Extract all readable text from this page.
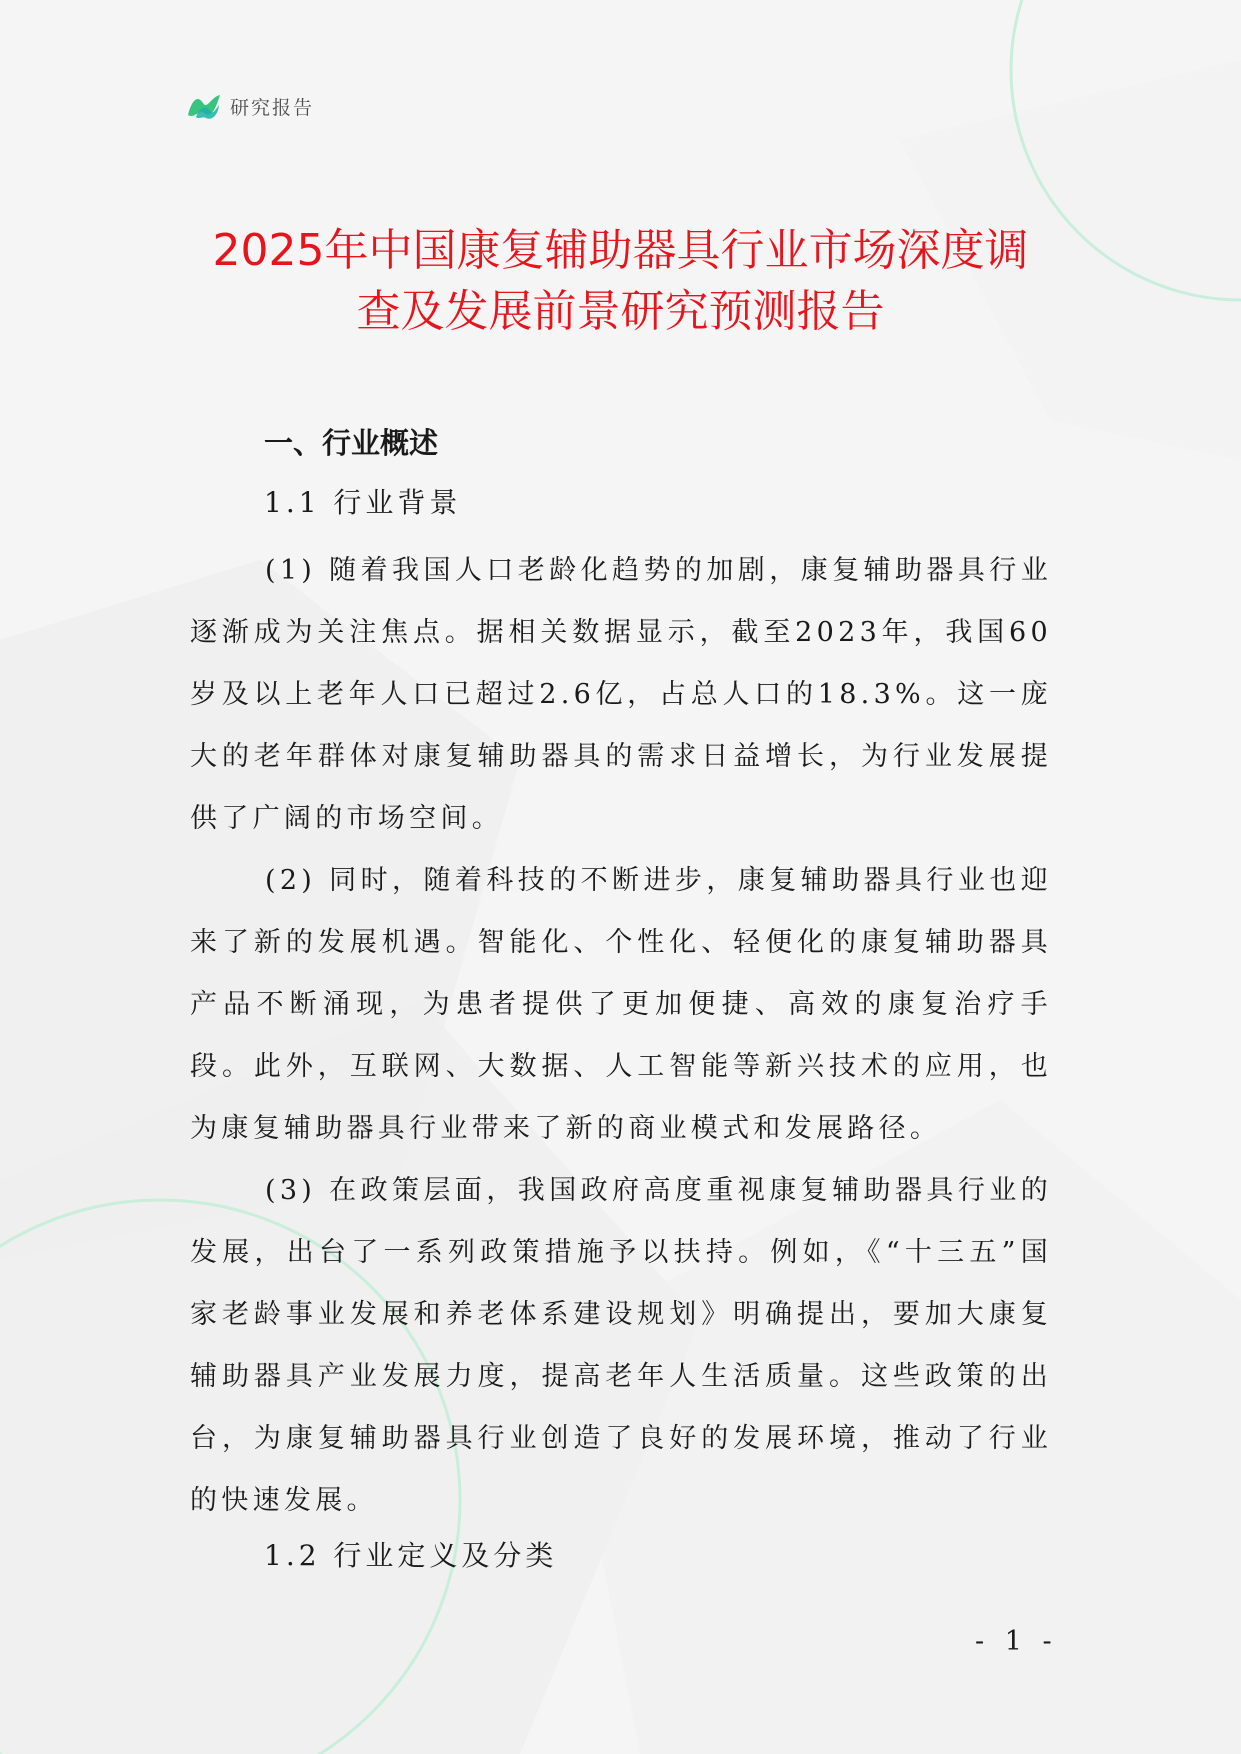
研究报告
2025年中国康复辅助器具行业市场深度调
查及发展前景研究预测报告
一、行业概述
1.1 行业背景

(1) 随着我国人口老龄化趋势的加剧，康复辅助器具行业逐渐成为关注焦点。据相关数据显示，截至2023年，我国60岁及以上老年人口已超过2.6亿，占总人口的18.3%。这一庞大的老年群体对康复辅助器具的需求日益增长，为行业发展提供了广阔的市场空间。

(2) 同时，随着科技的不断进步，康复辅助器具行业也迎来了新的发展机遇。智能化、个性化、轻便化的康复辅助器具产品不断涌现，为患者提供了更加便捷、高效的康复治疗手段。此外，互联网、大数据、人工智能等新兴技术的应用，也为康复辅助器具行业带来了新的商业模式和发展路径。

(3) 在政策层面，我国政府高度重视康复辅助器具行业的发展，出台了一系列政策措施予以扶持。例如，《“十三五”国家老龄事业发展和养老体系建设规划》明确提出，要加大康复辅助器具产业发展力度，提高老年人生活质量。这些政策的出台，为康复辅助器具行业创造了良好的发展环境，推动了行业的快速发展。

1.2 行业定义及分类
- 1 -
